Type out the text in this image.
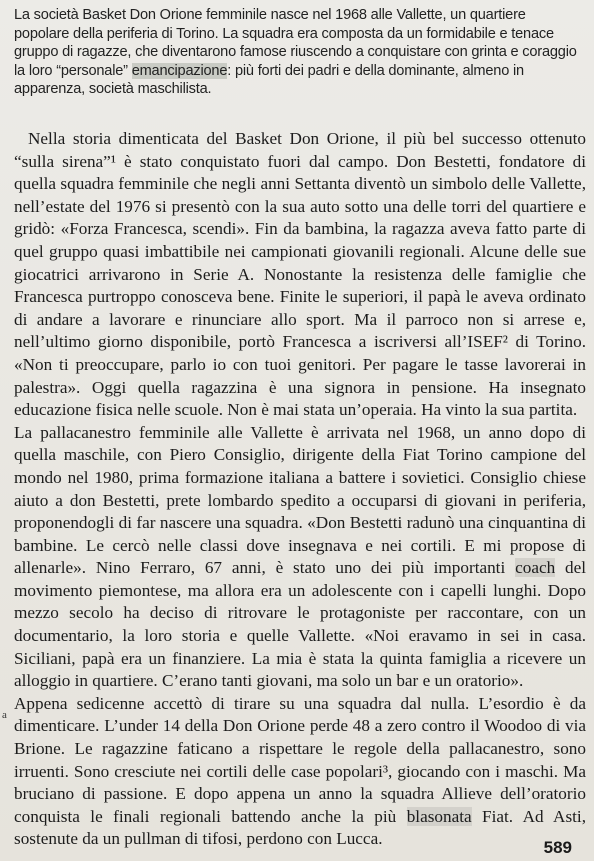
La società Basket Don Orione femminile nasce nel 1968 alle Vallette, un quartiere popolare della periferia di Torino. La squadra era composta da un formidabile e tenace gruppo di ragazze, che diventarono famose riuscendo a conquistare con grinta e coraggio la loro “personale” emancipazione: più forti dei padri e della dominante, almeno in apparenza, società maschilista.

Nella storia dimenticata del Basket Don Orione, il più bel successo ottenuto “sulla sirena”¹ è stato conquistato fuori dal campo. Don Bestetti, fondatore di quella squadra femminile che negli anni Settanta diventò un simbolo delle Vallette, nell’estate del 1976 si presentò con la sua auto sotto una delle torri del quartiere e gridò: «Forza Francesca, scendi». Fin da bambina, la ragazza aveva fatto parte di quel gruppo quasi imbattibile nei campionati giovanili regionali. Alcune delle sue giocatrici arrivarono in Serie A. Nonostante la resistenza delle famiglie che Francesca purtroppo conosceva bene. Finite le superiori, il papà le aveva ordinato di andare a lavorare e rinunciare allo sport. Ma il parroco non si arrese e, nell’ultimo giorno disponibile, portò Francesca a iscriversi all’ISEF² di Torino. «Non ti preoccupare, parlo io con tuoi genitori. Per pagare le tasse lavorerai in palestra». Oggi quella ragazzina è una signora in pensione. Ha insegnato educazione fisica nelle scuole. Non è mai stata un’operaia. Ha vinto la sua partita.

La pallacanestro femminile alle Vallette è arrivata nel 1968, un anno dopo di quella maschile, con Piero Consiglio, dirigente della Fiat Torino campione del mondo nel 1980, prima formazione italiana a battere i sovietici. Consiglio chiese aiuto a don Bestetti, prete lombardo spedito a occuparsi di giovani in periferia, proponendogli di far nascere una squadra. «Don Bestetti radunò una cinquantina di bambine. Le cercò nelle classi dove insegnava e nei cortili. E mi propose di allenarle». Nino Ferraro, 67 anni, è stato uno dei più importanti coach del movimento piemontese, ma allora era un adolescente con i capelli lunghi. Dopo mezzo secolo ha deciso di ritrovare le protagoniste per raccontare, con un documentario, la loro storia e quelle Vallette. «Noi eravamo in sei in casa. Siciliani, papà era un finanziere. La mia è stata la quinta famiglia a ricevere un alloggio in quartiere. C’erano tanti giovani, ma solo un bar e un oratorio».

Appena sedicenne accettò di tirare su una squadra dal nulla. L’esordio è da dimenticare. L’under 14 della Don Orione perde 48 a zero contro il Woodoo di via Brione. Le ragazzine faticano a rispettare le regole della pallacanestro, sono irruenti. Sono cresciute nei cortili delle case popolari³, giocando con i maschi. Ma bruciano di passione. E dopo appena un anno la squadra Allieve dell’oratorio conquista le finali regionali battendo anche la più blasonata Fiat. Ad Asti, sostenute da un pullman di tifosi, perdono con Lucca.

a
589
